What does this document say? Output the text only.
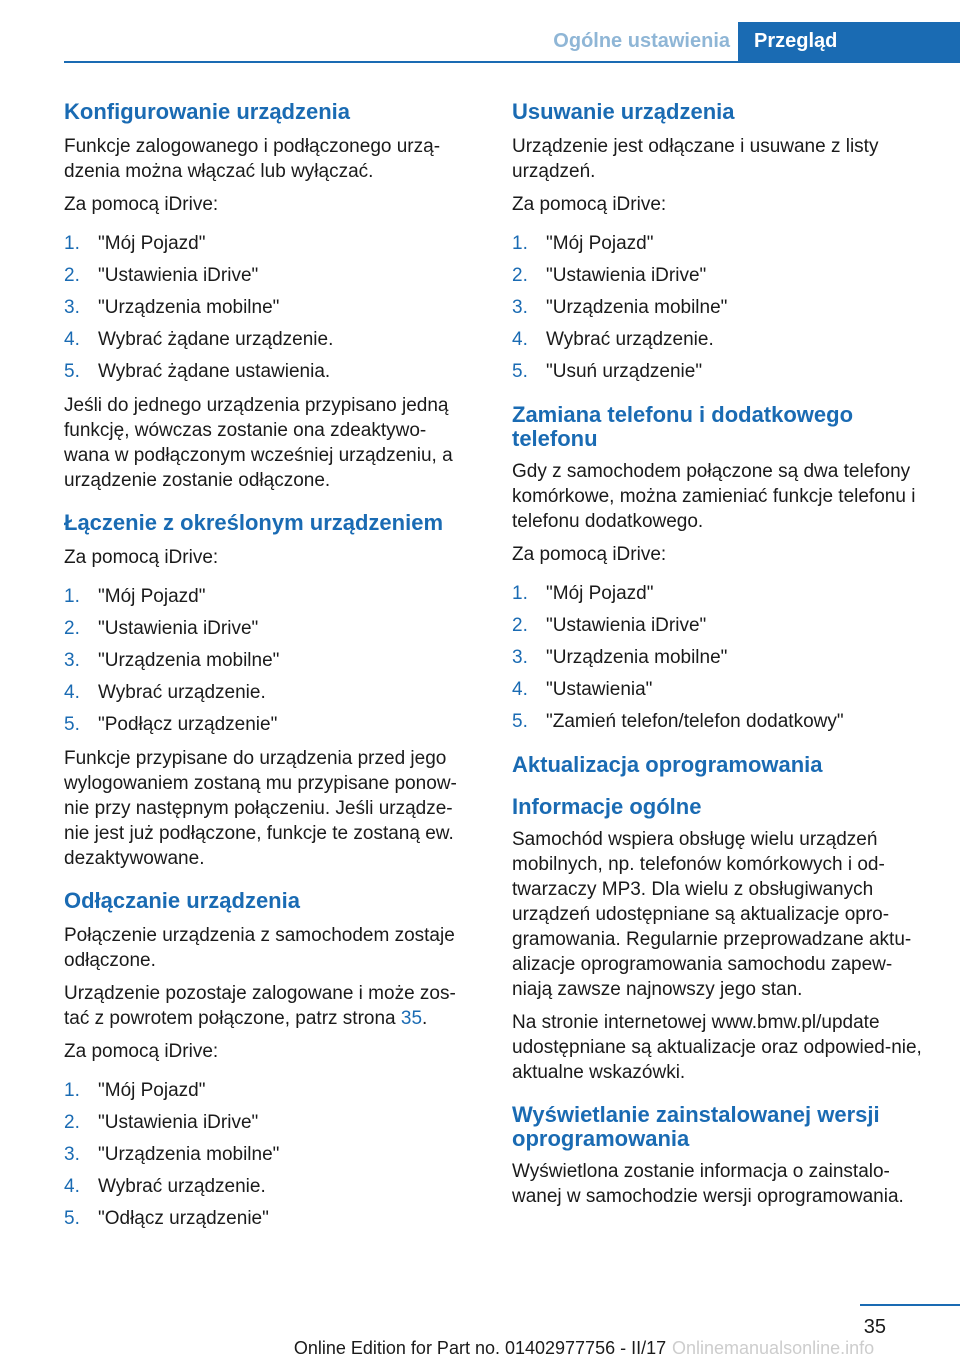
Ogólne ustawienia	Przegląd
Konfigurowanie urządzenia

Funkcje zalogowanego i podłączonego urzą-dzenia można włączać lub wyłączać.

Za pomocą iDrive:

1. "Mój Pojazd"
2. "Ustawienia iDrive"
3. "Urządzenia mobilne"
4. Wybrać żądane urządzenie.
5. Wybrać żądane ustawienia.

Jeśli do jednego urządzenia przypisano jedną funkcję, wówczas zostanie ona zdeaktywo-wana w podłączonym wcześniej urządzeniu, a urządzenie zostanie odłączone.

Łączenie z określonym urządzeniem

Za pomocą iDrive:

1. "Mój Pojazd"
2. "Ustawienia iDrive"
3. "Urządzenia mobilne"
4. Wybrać urządzenie.
5. "Podłącz urządzenie"

Funkcje przypisane do urządzenia przed jego wylogowaniem zostaną mu przypisane ponow-nie przy następnym połączeniu. Jeśli urządze-nie jest już podłączone, funkcje te zostaną ew. dezaktywowane.

Odłączanie urządzenia

Połączenie urządzenia z samochodem zostaje odłączone.

Urządzenie pozostaje zalogowane i może zos-tać z powrotem połączone, patrz strona 35.

Za pomocą iDrive:

1. "Mój Pojazd"
2. "Ustawienia iDrive"
3. "Urządzenia mobilne"
4. Wybrać urządzenie.
5. "Odłącz urządzenie"
Usuwanie urządzenia

Urządzenie jest odłączane i usuwane z listy urządzeń.

Za pomocą iDrive:

1. "Mój Pojazd"
2. "Ustawienia iDrive"
3. "Urządzenia mobilne"
4. Wybrać urządzenie.
5. "Usuń urządzenie"
Zamiana telefonu i dodatkowego telefonu

Gdy z samochodem połączone są dwa telefony komórkowe, można zamieniać funkcje telefonu i telefonu dodatkowego.

Za pomocą iDrive:

1. "Mój Pojazd"
2. "Ustawienia iDrive"
3. "Urządzenia mobilne"
4. "Ustawienia"
5. "Zamień telefon/telefon dodatkowy"
Aktualizacja oprogramowania
Informacje ogólne

Samochód wspiera obsługę wielu urządzeń mobilnych, np. telefonów komórkowych i od-twarzaczy MP3. Dla wielu z obsługiwanych urządzeń udostępniane są aktualizacje opro-gramowania. Regularnie przeprowadzane aktu-alizacje oprogramowania samochodu zapew-niają zawsze najnowszy jego stan.

Na stronie internetowej www.bmw.pl/update udostępniane są aktualizacje oraz odpowied-nie, aktualne wskazówki.

Wyświetlanie zainstalowanej wersji oprogramowania

Wyświetlona zostanie informacja o zainstalo-wanej w samochodzie wersji oprogramowania.

35
Online Edition for Part no. 01402977756 - II/17 Onlinemanualsonline.info
